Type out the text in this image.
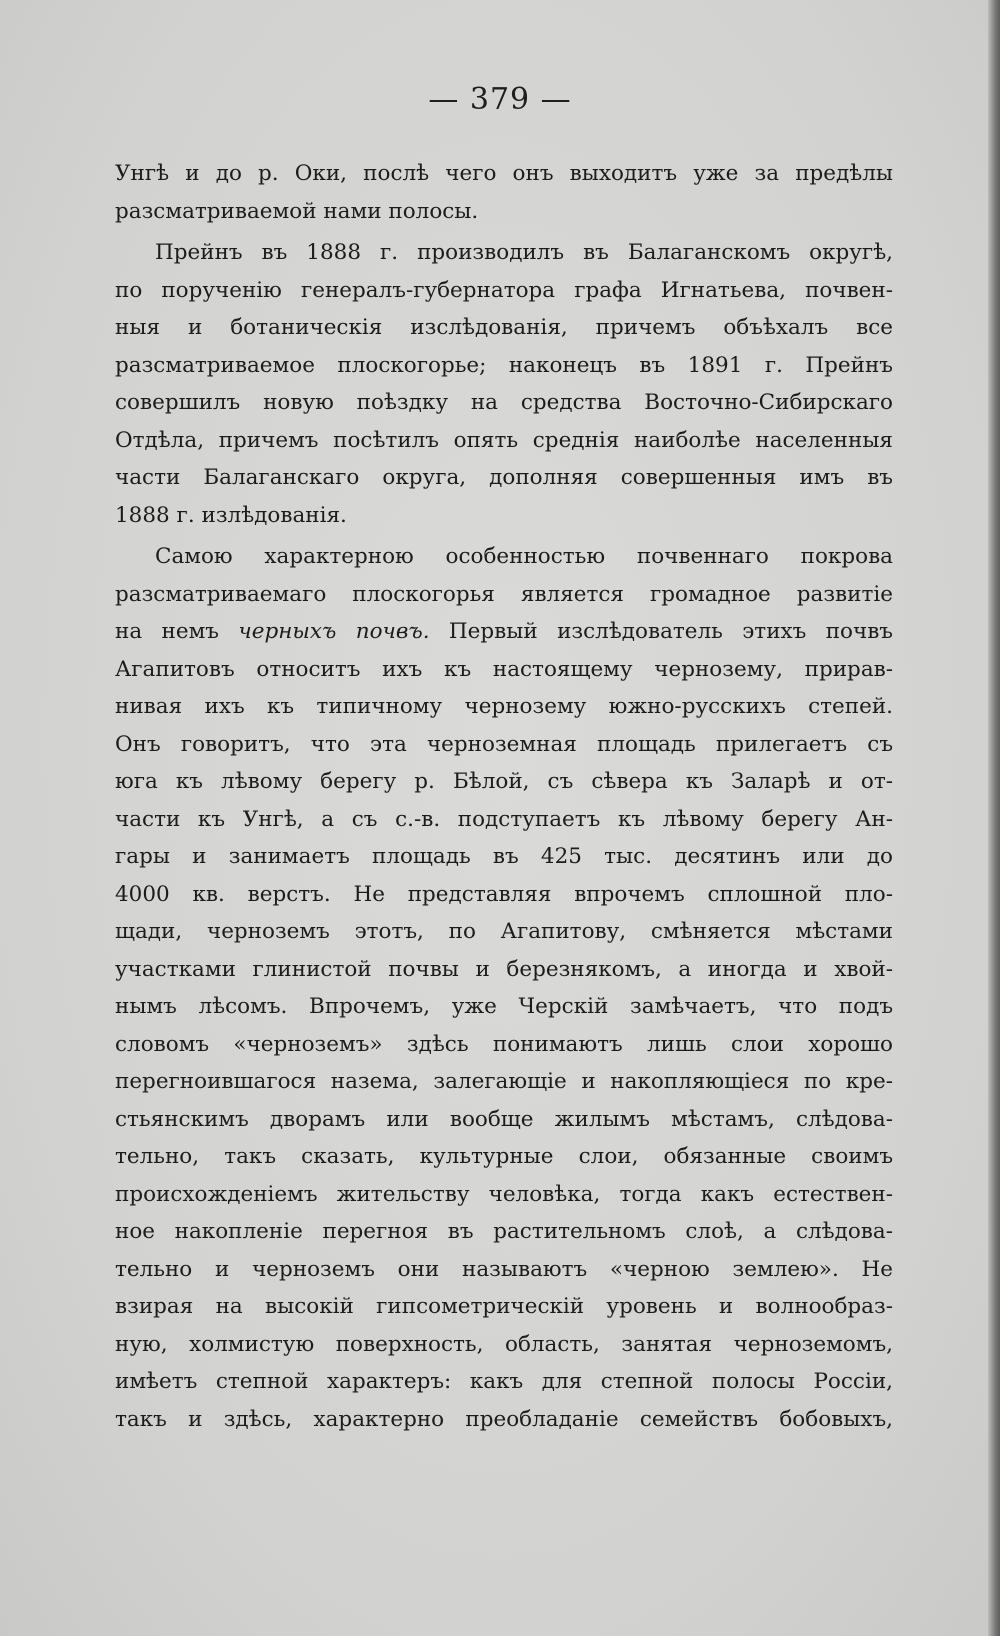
— 379 —
Унгѣ и до р. Оки, послѣ чего онъ выходитъ уже за предѣлы
разсматриваемой нами полосы.
Прейнъ въ 1888 г. производилъ въ Балаганскомъ округѣ,
по порученію генералъ-губернатора графа Игнатьева, почвен-
ныя и ботаническія изслѣдованія, причемъ объѣхалъ все
разсматриваемое плоскогорье; наконецъ въ 1891 г. Прейнъ
совершилъ новую поѣздку на средства Восточно-Сибирскаго
Отдѣла, причемъ посѣтилъ опять среднія наиболѣе населенныя
части Балаганскаго округа, дополняя совершенныя имъ въ
1888 г. излѣдованія.
Самою характерною особенностью почвеннаго покрова
разсматриваемаго плоскогорья является громадное развитіе
на немъ черныхъ почвъ. Первый изслѣдователь этихъ почвъ
Агапитовъ относитъ ихъ къ настоящему чернозему, прирав-
нивая ихъ къ типичному чернозему южно-русскихъ степей.
Онъ говоритъ, что эта черноземная площадь прилегаетъ съ
юга къ лѣвому берегу р. Бѣлой, съ сѣвера къ Заларѣ и от-
части къ Унгѣ, а съ с.-в. подступаетъ къ лѣвому берегу Ан-
гары и занимаетъ площадь въ 425 тыс. десятинъ или до
4000 кв. верстъ. Не представляя впрочемъ сплошной пло-
щади, черноземъ этотъ, по Агапитову, смѣняется мѣстами
участками глинистой почвы и березнякомъ, а иногда и хвой-
нымъ лѣсомъ. Впрочемъ, уже Черскій замѣчаетъ, что подъ
словомъ «черноземъ» здѣсь понимаютъ лишь слои хорошо
перегноившагося назема, залегающіе и накопляющіеся по кре-
стьянскимъ дворамъ или вообще жилымъ мѣстамъ, слѣдова-
тельно, такъ сказать, культурные слои, обязанные своимъ
происхожденіемъ жительству человѣка, тогда какъ естествен-
ное накопленіе перегноя въ растительномъ слоѣ, а слѣдова-
тельно и черноземъ они называютъ «черною землею». Не
взирая на высокій гипсометрическій уровень и волнообраз-
ную, холмистую поверхность, область, занятая черноземомъ,
имѣетъ степной характеръ: какъ для степной полосы Россіи,
такъ и здѣсь, характерно преобладаніе семействъ бобовыхъ,
